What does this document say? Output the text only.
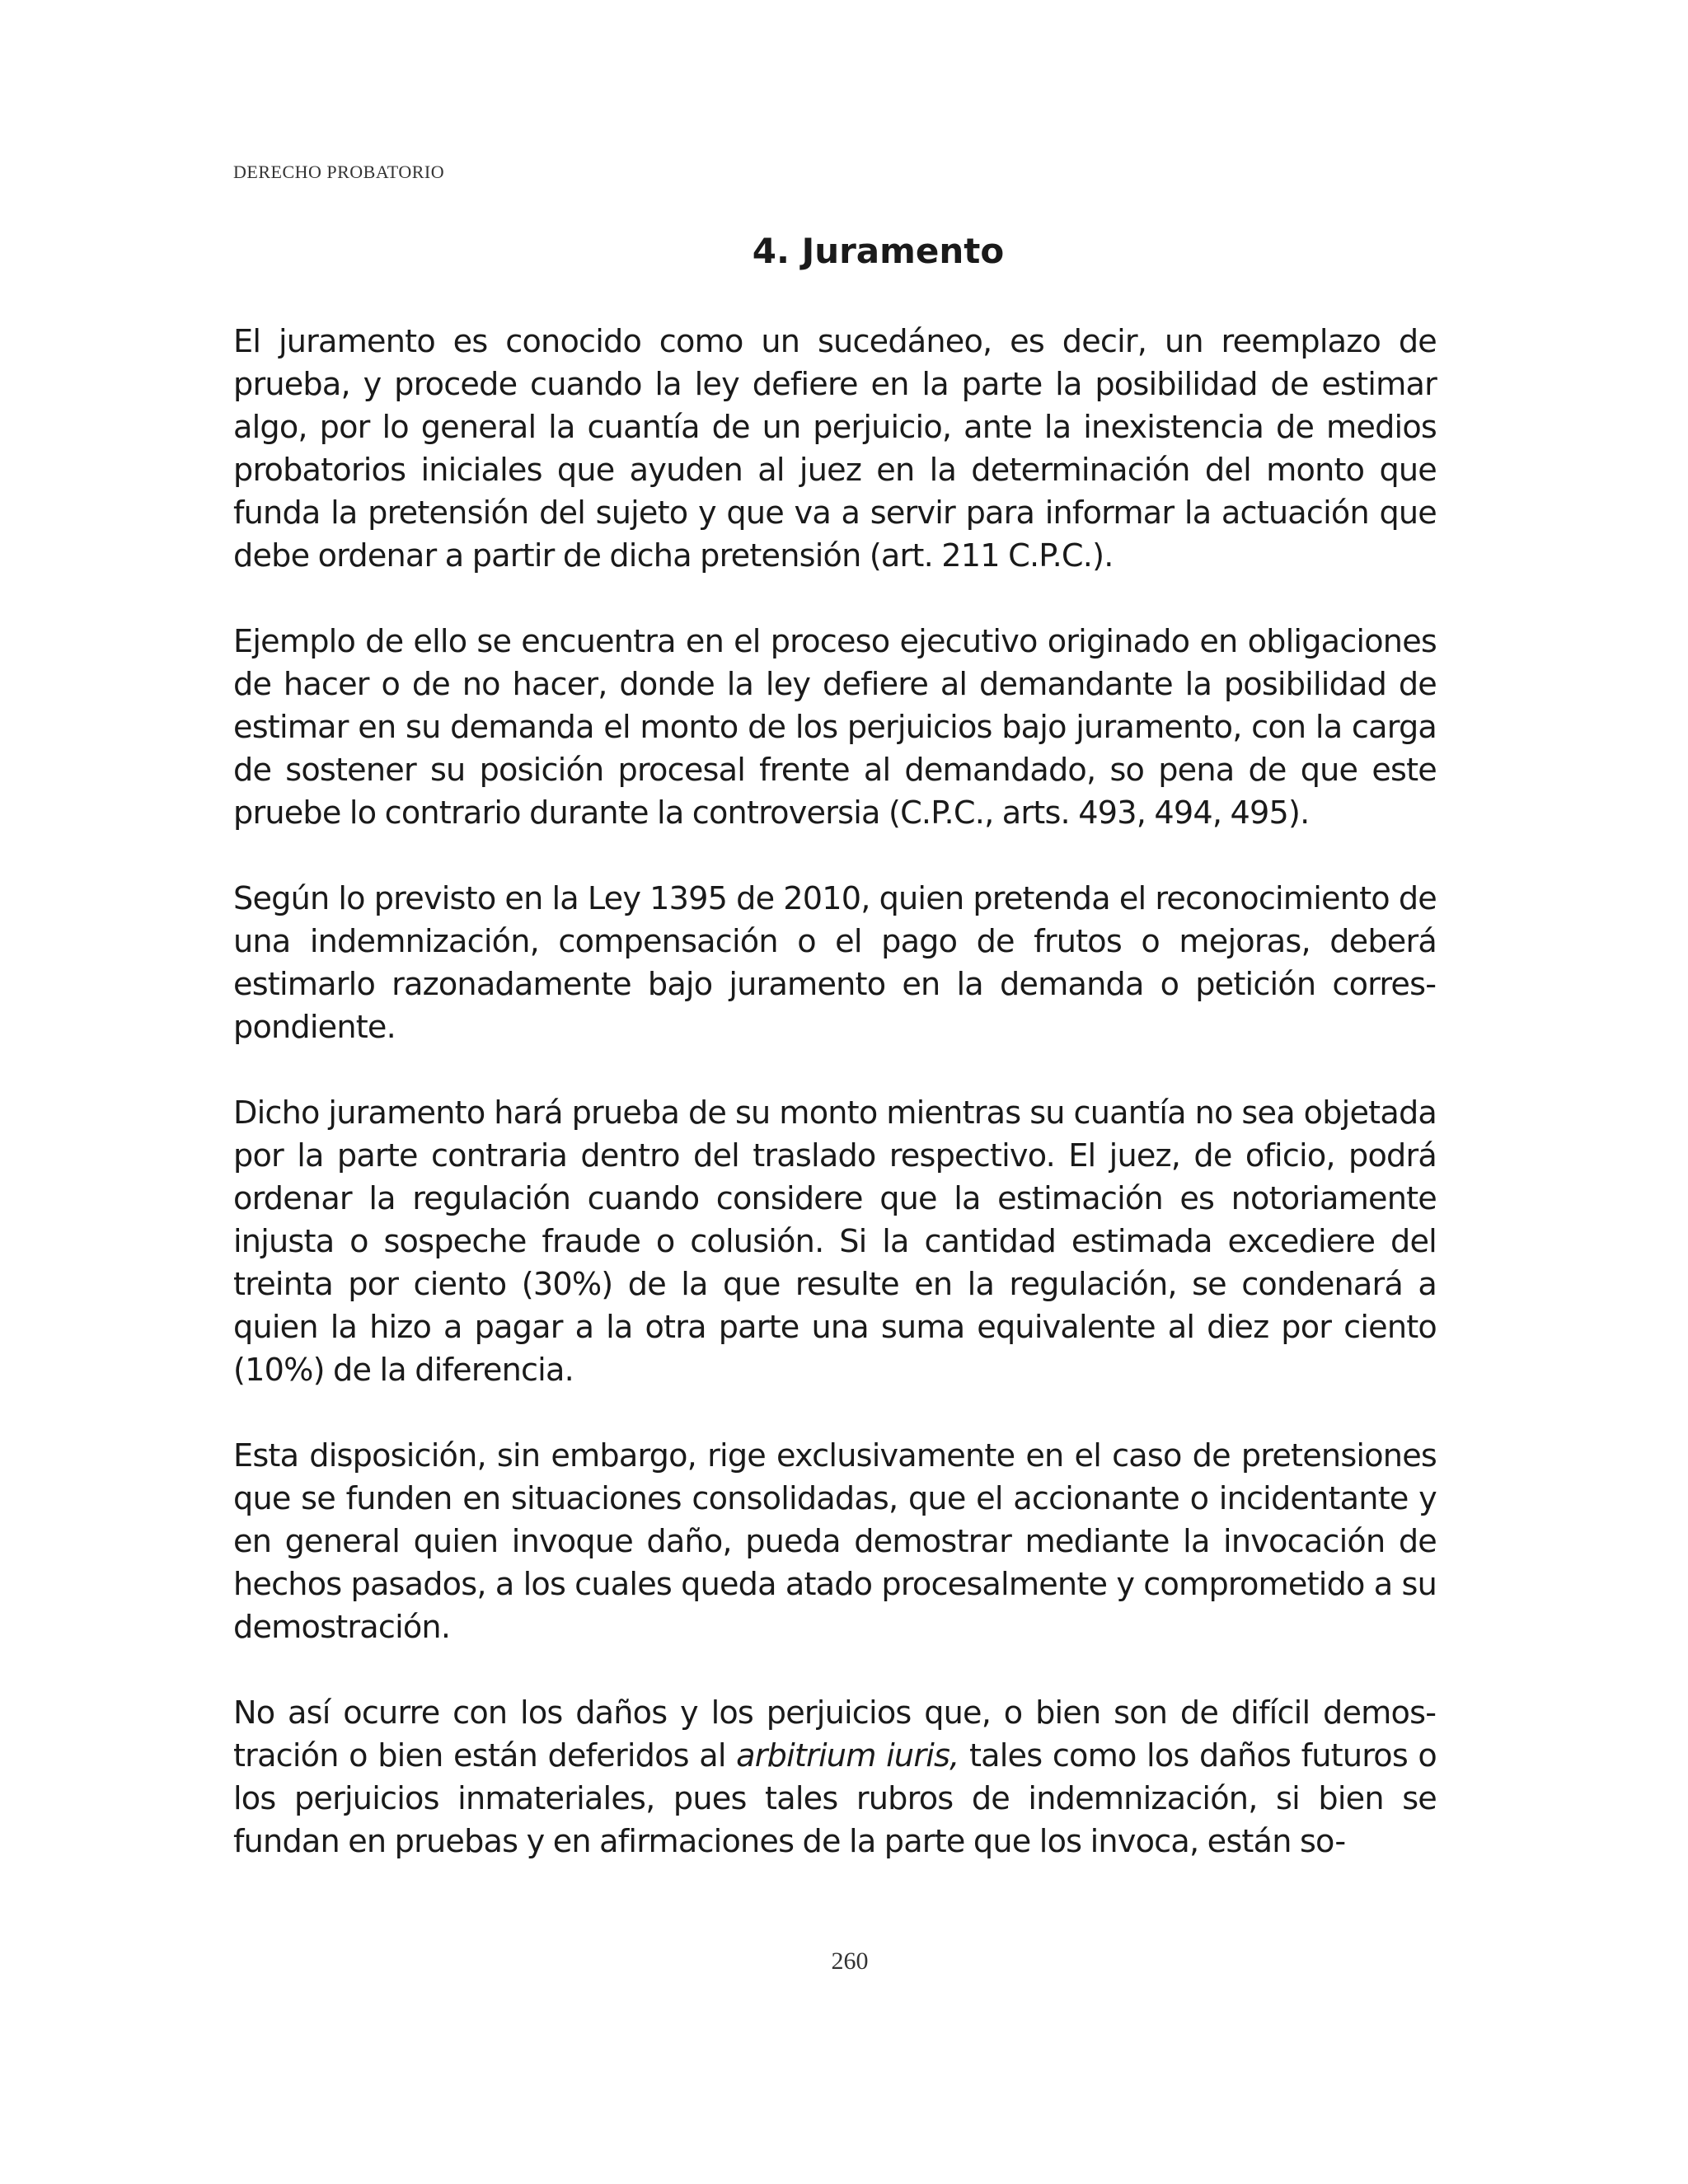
DERECHO PROBATORIO
4. Juramento

El juramento es conocido como un sucedáneo, es decir, un reemplazo de prueba, y procede cuando la ley defiere en la parte la posibilidad de estimar algo, por lo general la cuantía de un perjuicio, ante la inexistencia de medios probatorios iniciales que ayuden al juez en la determinación del monto que funda la pretensión del sujeto y que va a servir para informar la actuación que debe ordenar a partir de dicha pretensión (art. 211 C.P.C.).

Ejemplo de ello se encuentra en el proceso ejecutivo originado en obligaciones de hacer o de no hacer, donde la ley defiere al demandante la posibilidad de estimar en su demanda el monto de los perjuicios bajo juramento, con la carga de sostener su posición procesal frente al demandado, so pena de que este pruebe lo contrario durante la controversia (C.P.C., arts. 493, 494, 495).

Según lo previsto en la Ley 1395 de 2010, quien pretenda el reconocimiento de una indemnización, compensación o el pago de frutos o mejoras, deberá estimarlo razonadamente bajo juramento en la demanda o petición correspondiente.

Dicho juramento hará prueba de su monto mientras su cuantía no sea objetada por la parte contraria dentro del traslado respectivo. El juez, de oficio, podrá ordenar la regulación cuando considere que la estimación es notoriamente injusta o sospeche fraude o colusión. Si la cantidad estimada excediere del treinta por ciento (30%) de la que resulte en la regulación, se condenará a quien la hizo a pagar a la otra parte una suma equivalente al diez por ciento (10%) de la diferencia.

Esta disposición, sin embargo, rige exclusivamente en el caso de pretensiones que se funden en situaciones consolidadas, que el accionante o incidentante y en general quien invoque daño, pueda demostrar mediante la invocación de hechos pasados, a los cuales queda atado procesalmente y comprometido a su demostración.

No así ocurre con los daños y los perjuicios que, o bien son de difícil demostración o bien están deferidos al arbitrium iuris, tales como los daños futuros o los perjuicios inmateriales, pues tales rubros de indemnización, si bien se fundan en pruebas y en afirmaciones de la parte que los invoca, están so-

260
